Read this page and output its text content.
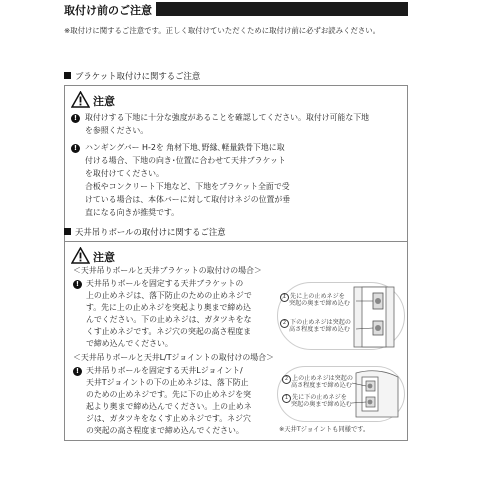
取付け前のご注意
※取付けに関するご注意です。正しく取付けていただくために取付け前に必ずお読みください。
ブラケット取付けに関するご注意
注意
!	取付けする下地に十分な強度があることを確認してください。取付け可能な下地
を参照ください。
!	ハンギングバー H-2を 角材下地､野縁､軽量鉄骨下地に取
付ける場合、下地の向き･位置に合わせて天井ブラケット
を取付けてください。
合板やコンクリート下地など、下地をブラケット全面で受
けている場合は、本体バーに対して取付けネジの位置が垂
直になる向きが推奨です。
天井吊りボールの取付けに関するご注意
注意
＜天井吊りボールと天井ブラケットの取付けの場合＞
! 天井吊りボールを固定する天井ブラケットの
上の止めネジは、落下防止のための止めネジで
す。先に上の止めネジを突起より奥まで締め込
んでください。下の止めネジは、ガタツキをな
くす止めネジです。ネジ穴の突起の高さ程度ま
で締め込んでください。
1 先に上の止めネジを
突起の奥まで締め込む
2 下の止めネジは突起の
高さ程度まで締め込む
＜天井吊りボールと天井L/Tジョイントの取付けの場合＞
! 天井吊りボールを固定する天井Lジョイント/
天井Tジョイントの下の止めネジは、落下防止
のための止めネジです。先に下の止めネジを突
起より奥まで締め込んでください。上の止めネ
ジは、ガタツキをなくす止めネジです。ネジ穴
の突起の高さ程度まで締め込んでください。
2 上の止めネジは突起の
高さ程度まで締め込む
1 先に下の止めネジを
突起の奥まで締め込む
※天井Tジョイントも同様です。
